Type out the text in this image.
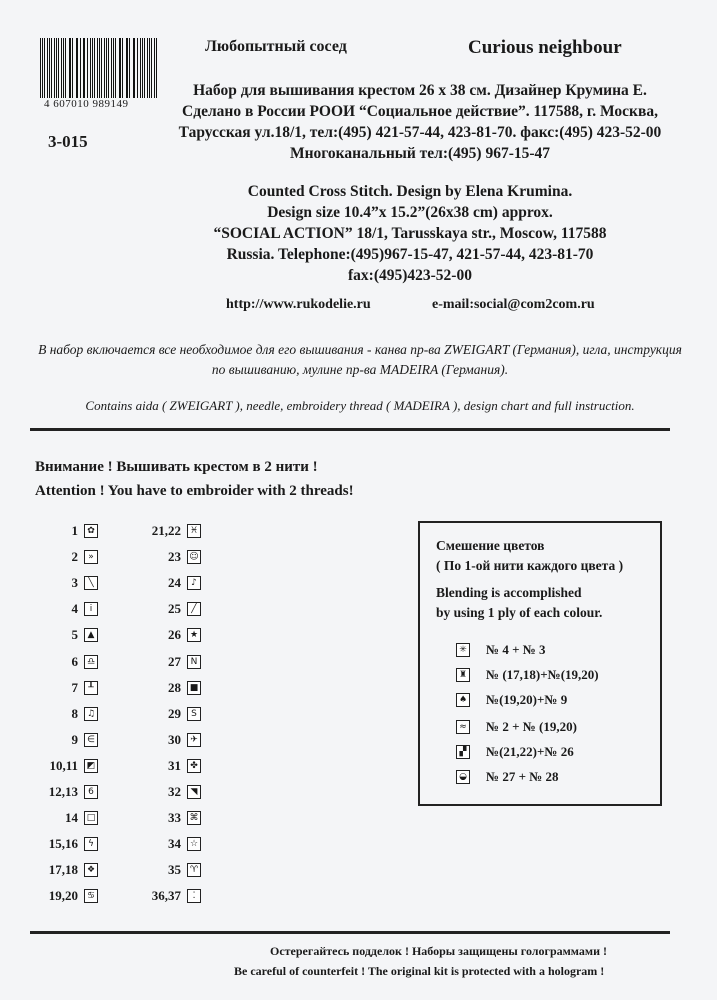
4 607010 989149
3-015
Любопытный сосед	Curious neighbour
Набор для вышивания крестом 26 х 38 см. Дизайнер Крумина Е.
Сделано в России РООИ “Социальное действие”. 117588, г. Москва,
Тарусская ул.18/1, тел:(495) 421-57-44, 423-81-70. факс:(495) 423-52-00
Многоканальный тел:(495) 967-15-47
Counted Cross Stitch. Design by Elena Krumina.
Design size 10.4”x 15.2”(26x38 cm) approx.
“SOCIAL ACTION” 18/1, Tarusskaya str., Moscow, 117588
Russia. Telephone:(495)967-15-47, 421-57-44, 423-81-70
fax:(495)423-52-00
http://www.rukodelie.ru	e-mail:social@com2com.ru
В набор включается все необходимое для его вышивания - канва пр-ва ZWEIGART (Германия), игла, инструкция по вышиванию, мулине пр-ва MADEIRA (Германия).
Contains aida ( ZWEIGART ), needle, embroidery thread ( MADEIRA ), design chart and full instruction.
Внимание ! Вышивать крестом в 2 нити !
Attention ! You have to embroider with 2 threads!
1	✿
2	»
3	╲
4	i
5	▲
6 ♎
7	┸
8 ♫
9	∈
10,11 ◩
12,13	6
14 □
15,16	ϟ
17,18 ❖
19,20 ♋
21,22 ♓
23 ☺
24	♪
25	╱
26 ★
27	N
28 ■
29	S
30	✈
31	✤
32	◥
33 ⌘
34 ☆
35 ♈
36,37	⁚
Смешение цветов
( По 1-ой нити каждого цвета )
Blending is accomplished
by using 1 ply of each colour.
✳ № 4 + № 3
♜ № (17,18)+№(19,20)
♠ №(19,20)+№ 9
≈ № 2 + № (19,20)
▞ №(21,22)+№ 26
◒ № 27 + № 28
Остерегайтесь подделок ! Наборы защищены голограммами !
Be careful of counterfeit ! The original kit is protected with a hologram !
